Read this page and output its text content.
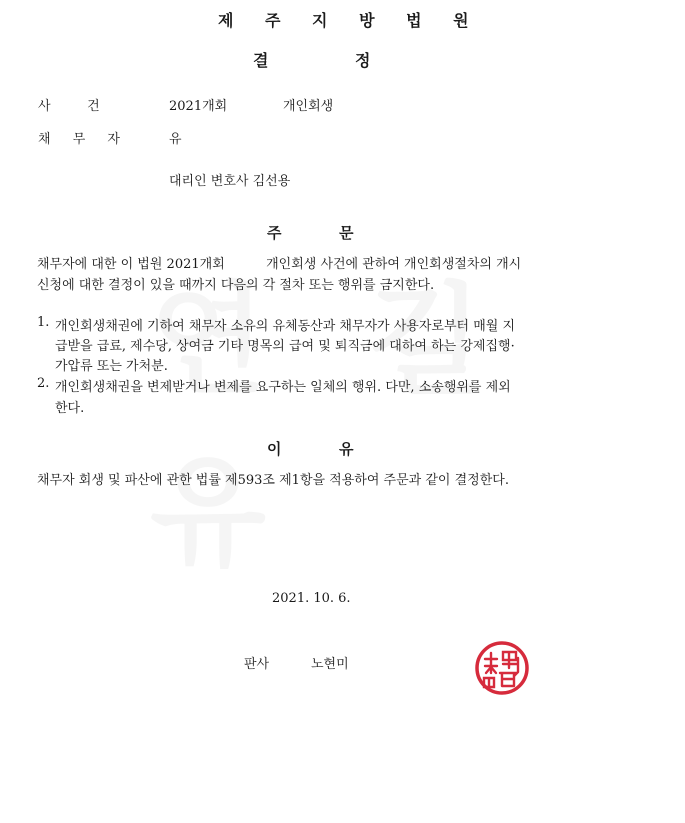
제 주 지 방 법 원
결	정
사    건	2021개회	개인회생
채 무 자	유
대리인 변호사 김선용
주	문
채무자에 대한 이 법원 2021개회          개인회생 사건에 관하여 개인회생절차의 개시
신청에 대한 결정이 있을 때까지 다음의 각 절차 또는 행위를 금지한다.
1. 개인회생채권에 기하여 채무자 소유의 유체동산과 채무자가 사용자로부터 매월 지
급받을 급료, 제수당, 상여금 기타 명목의 급여 및 퇴직금에 대하여 하는 강제집행·
가압류 또는 가처분.
2. 개인회생채권을 변제받거나 변제를 요구하는 일체의 행위. 다만, 소송행위를 제외
한다.
이	유
채무자 회생 및 파산에 관한 법률 제593조 제1항을 적용하여 주문과 같이 결정한다.
2021. 10. 6.
판사	노현미
